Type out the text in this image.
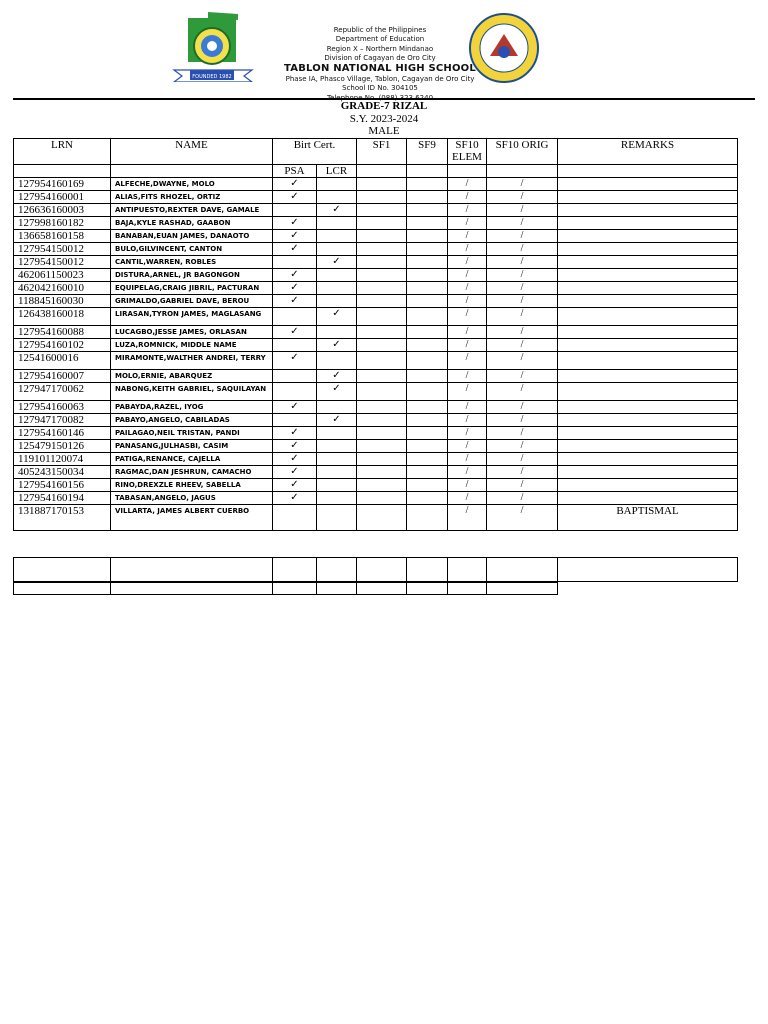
FOUNDED 1982
Republic of the Philippines
Department of Education
Region X – Northern Mindanao
Division of Cagayan de Oro City
TABLON NATIONAL HIGH SCHOOL
Phase IA, Phasco Village, Tablon, Cagayan de Oro City
School ID No. 304105
Telephone No. (088) 323 6240
GRADE-7 RIZAL
S.Y. 2023-2024
MALE
LRN	NAME	Birt Cert.		SF1	SF9	SF10 ELEM	SF10 ORIG	REMARKS
		PSA	LCR					
127954160169	ALFECHE,DWAYNE, MOLO	✓				/	/	
127954160001	ALIAS,FITS RHOZEL, ORTIZ	✓				/	/	
126636160003	ANTIPUESTO,REXTER DAVE, GAMALE		✓			/	/	
127998160182	BAJA,KYLE RASHAD, GAABON	✓				/	/	
136658160158	BANABAN,EUAN JAMES, DANAOTO	✓				/	/	
127954150012	BULO,GILVINCENT, CANTON	✓				/	/	
127954150012	CANTIL,WARREN, ROBLES		✓			/	/	
462061150023	DISTURA,ARNEL, JR BAGONGON	✓				/	/	
462042160010	EQUIPELAG,CRAIG JIBRIL, PACTURAN	✓				/	/	
118845160030	GRIMALDO,GABRIEL DAVE, BEROU	✓				/	/	
126438160018	LIRASAN,TYRON JAMES, MAGLASANG		✓			/	/	
127954160088	LUCAGBO,JESSE JAMES, ORLASAN	✓				/	/	
127954160102	LUZA,ROMNICK, MIDDLE NAME		✓			/	/	
12541600016	MIRAMONTE,WALTHER ANDREI, TERRY	✓				/	/	
127954160007	MOLO,ERNIE, ABARQUEZ		✓			/	/	
127947170062	NABONG,KEITH GABRIEL, SAQUILAYAN		✓			/	/	
127954160063	PABAYDA,RAZEL, IYOG	✓				/	/	
127947170082	PABAYO,ANGELO, CABILADAS		✓			/	/	
127954160146	PAILAGAO,NEIL TRISTAN, PANDI	✓				/	/	
125479150126	PANASANG,JULHASBI, CASIM	✓				/	/	
119101120074	PATIGA,RENANCE, CAJELLA	✓				/	/	
405243150034	RAGMAC,DAN JESHRUN, CAMACHO	✓				/	/	
127954160156	RINO,DREXZLE RHEEV, SABELLA	✓				/	/	
127954160194	TABASAN,ANGELO, JAGUS	✓				/	/	
131887170153	VILLARTA, JAMES ALBERT CUERBO					/	/	BAPTISMAL
